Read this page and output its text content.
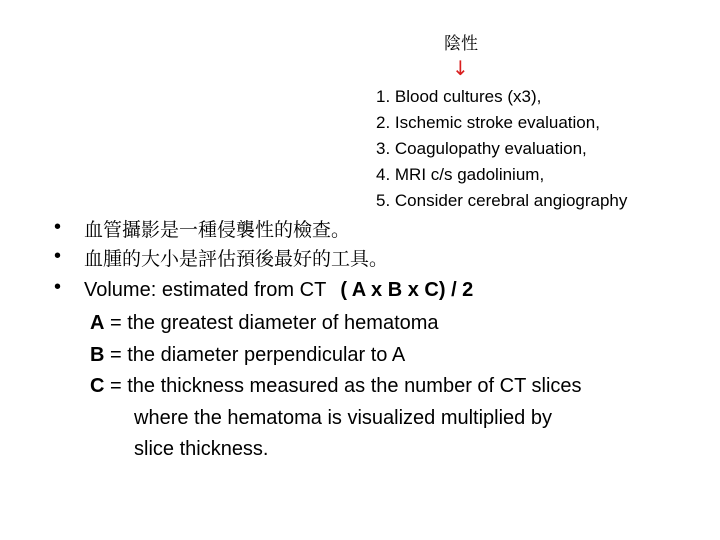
陰性
↓
1. Blood cultures (x3),
2. Ischemic stroke evaluation,
3. Coagulopathy evaluation,
4. MRI c/s gadolinium,
5. Consider cerebral angiography
•	血管攝影是一種侵襲性的檢查。
•	血腫的大小是評估預後最好的工具。
•	Volume: estimated from CT ( A x B x C) / 2
A = the greatest diameter of hematoma
B = the diameter perpendicular to A
C = the thickness measured as the number of CT slices
where the hematoma is visualized multiplied by
slice thickness.
